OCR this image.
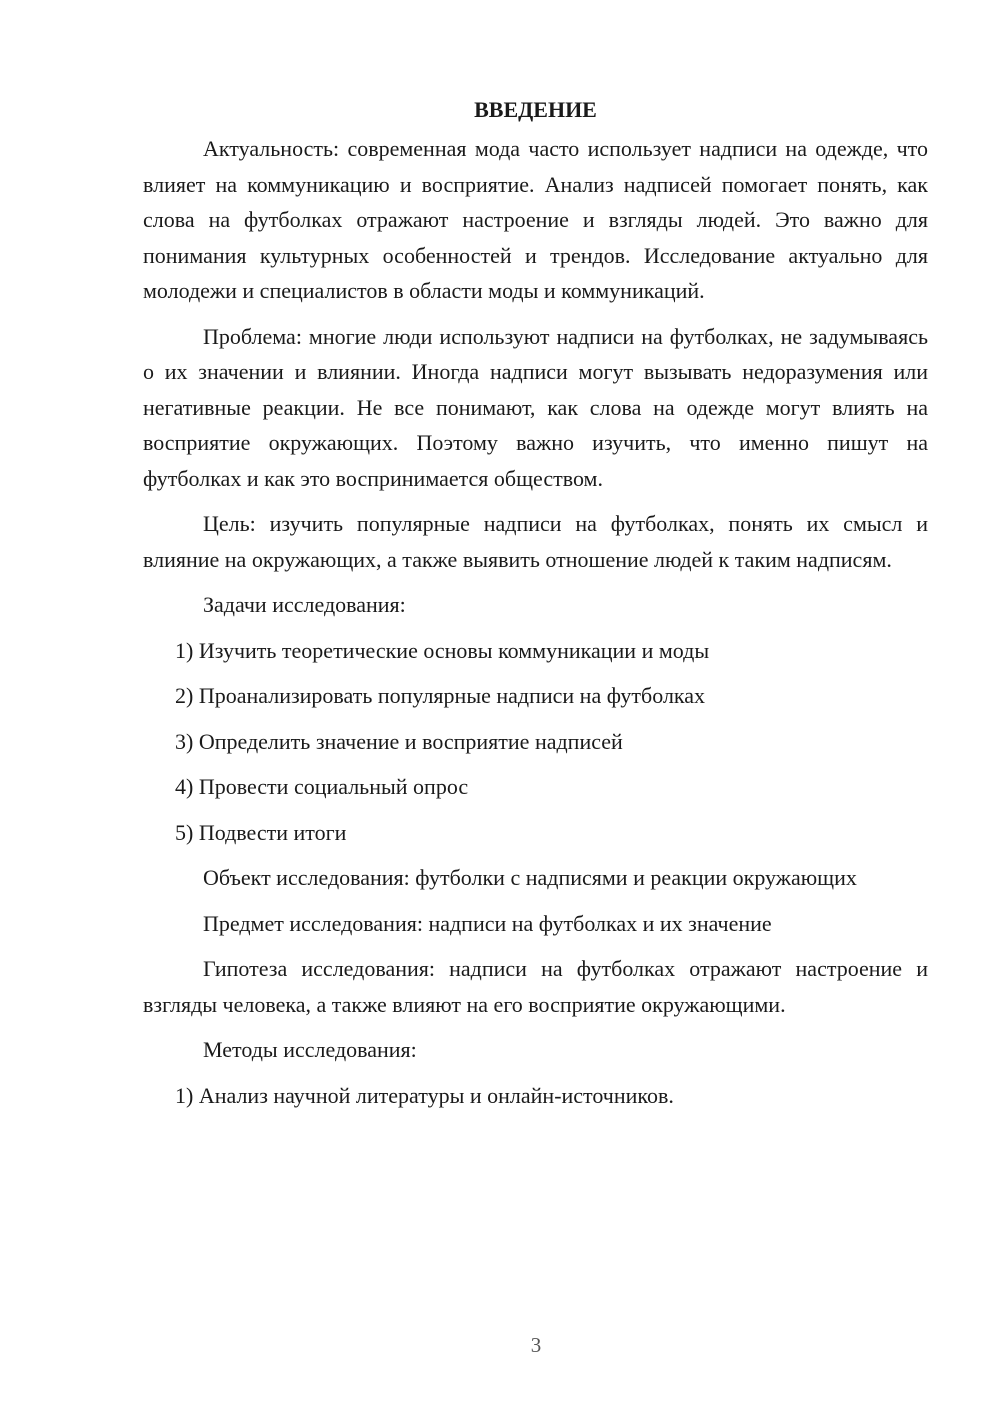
ВВЕДЕНИЕ

Актуальность: современная мода часто использует надписи на одежде, что влияет на коммуникацию и восприятие. Анализ надписей помогает понять, как слова на футболках отражают настроение и взгляды людей. Это важно для понимания культурных особенностей и трендов. Исследование актуально для молодежи и специалистов в области моды и коммуникаций.

Проблема: многие люди используют надписи на футболках, не задумываясь о их значении и влиянии. Иногда надписи могут вызывать недоразумения или негативные реакции. Не все понимают, как слова на одежде могут влиять на восприятие окружающих. Поэтому важно изучить, что именно пишут на футболках и как это воспринимается обществом.

Цель: изучить популярные надписи на футболках, понять их смысл и влияние на окружающих, а также выявить отношение людей к таким надписям.

Задачи исследования:

1) Изучить теоретические основы коммуникации и моды
2) Проанализировать популярные надписи на футболках
3) Определить значение и восприятие надписей
4) Провести социальный опрос
5) Подвести итоги

Объект исследования: футболки с надписями и реакции окружающих

Предмет исследования: надписи на футболках и их значение

Гипотеза исследования: надписи на футболках отражают настроение и взгляды человека, а также влияют на его восприятие окружающими.

Методы исследования:

1) Анализ научной литературы и онлайн-источников.
3
